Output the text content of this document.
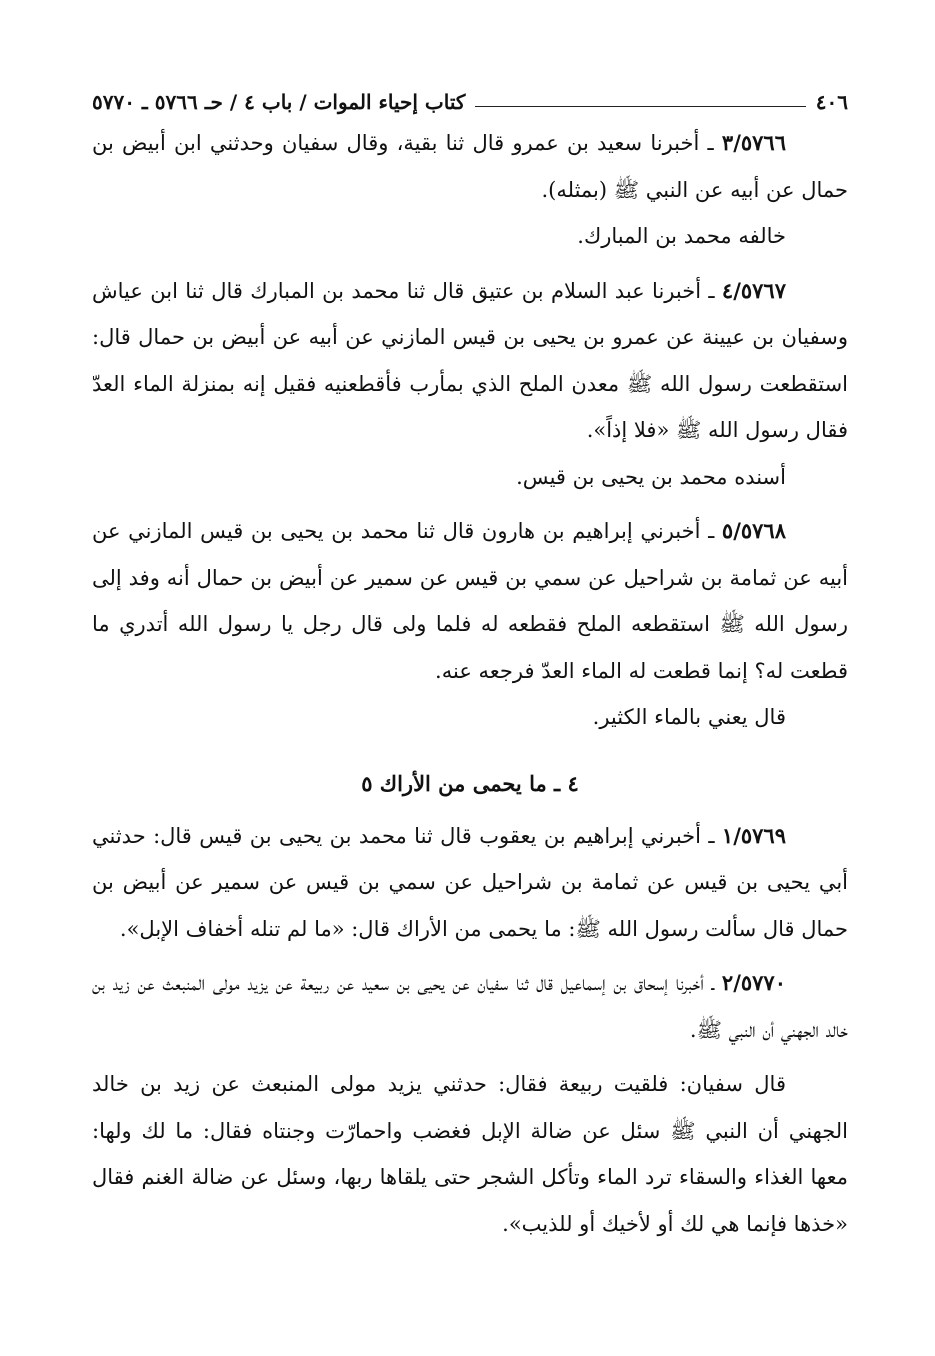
٤٠٦
كتاب إحياء الموات / باب ٤ / حـ ٥٧٦٦ ـ ٥٧٧٠

٣/٥٧٦٦ ـ أخبرنا سعيد بن عمرو قال ثنا بقية، وقال سفيان وحدثني ابن أبيض بن حمال عن أبيه عن النبي ﷺ (بمثله).

خالفه محمد بن المبارك.

٤/٥٧٦٧ ـ أخبرنا عبد السلام بن عتيق قال ثنا محمد بن المبارك قال ثنا ابن عياش وسفيان بن عيينة عن عمرو بن يحيى بن قيس المازني عن أبيه عن أبيض بن حمال قال: استقطعت رسول الله ﷺ معدن الملح الذي بمأرب فأقطعنيه فقيل إنه بمنزلة الماء العدّ فقال رسول الله ﷺ «فلا إذاً».

أسنده محمد بن يحيى بن قيس.

٥/٥٧٦٨ ـ أخبرني إبراهيم بن هارون قال ثنا محمد بن يحيى بن قيس المازني عن أبيه عن ثمامة بن شراحيل عن سمي بن قيس عن سمير عن أبيض بن حمال أنه وفد إلى رسول الله ﷺ استقطعه الملح فقطعه له فلما ولى قال رجل يا رسول الله أتدري ما قطعت له؟ إنما قطعت له الماء العدّ فرجعه عنه.

قال يعني بالماء الكثير.

٤ ـ ما يحمى من الأراك ٥

١/٥٧٦٩ ـ أخبرني إبراهيم بن يعقوب قال ثنا محمد بن يحيى بن قيس قال: حدثني أبي يحيى بن قيس عن ثمامة بن شراحيل عن سمي بن قيس عن سمير عن أبيض بن حمال قال سألت رسول الله ﷺ: ما يحمى من الأراك قال: «ما لم تنله أخفاف الإبل».

٢/٥٧٧٠ ـ أخبرنا إسحاق بن إسماعيل قال ثنا سفيان عن يحيى بن سعيد عن ربيعة عن يزيد مولى المنبعث عن زيد بن خالد الجهني أن النبي ﷺ.

قال سفيان: فلقيت ربيعة فقال: حدثني يزيد مولى المنبعث عن زيد بن خالد الجهني أن النبي ﷺ سئل عن ضالة الإبل فغضب واحمارّت وجنتاه فقال: ما لك ولها: معها الغذاء والسقاء ترد الماء وتأكل الشجر حتى يلقاها ربها، وسئل عن ضالة الغنم فقال «خذها فإنما هي لك أو لأخيك أو للذيب».
